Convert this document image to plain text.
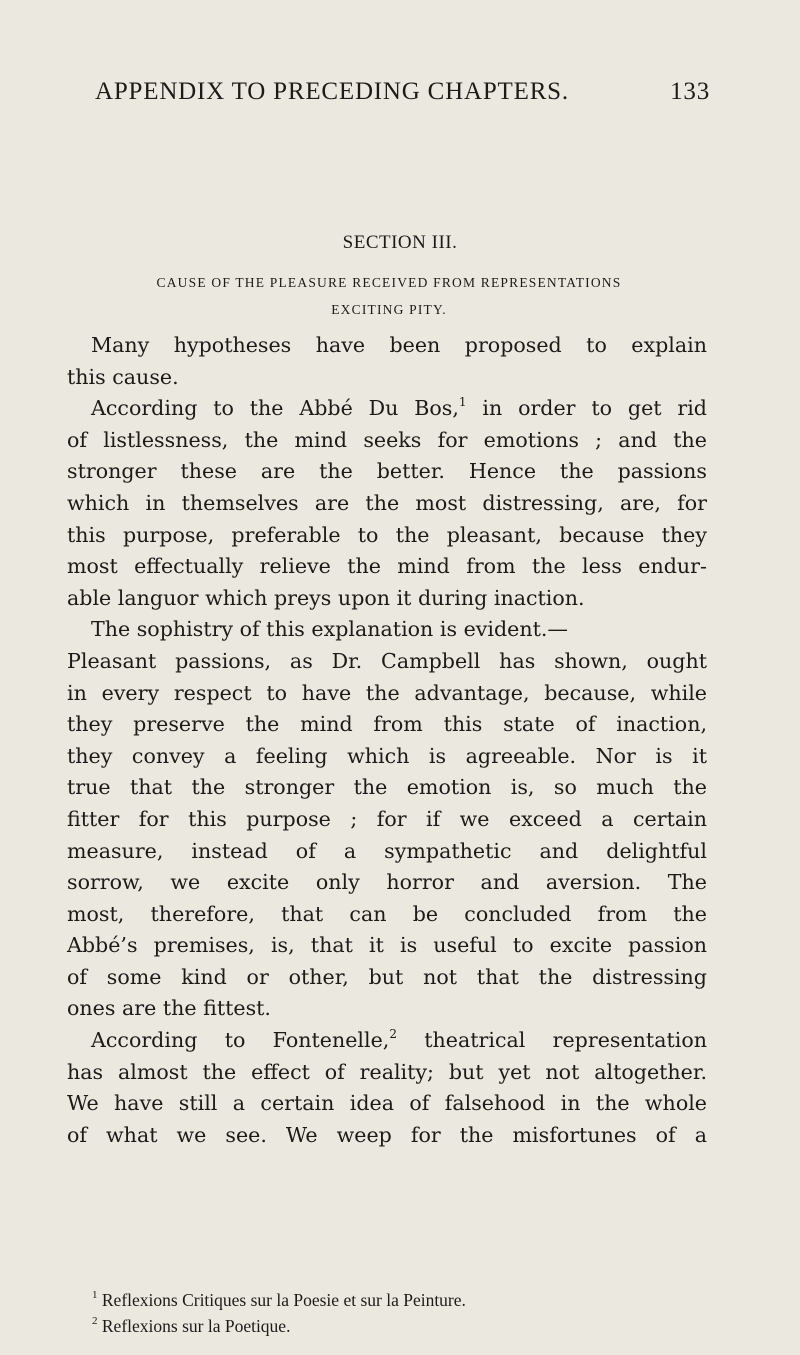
APPENDIX TO PRECEDING CHAPTERS.	133
SECTION III.
CAUSE OF THE PLEASURE RECEIVED FROM REPRESENTATIONS
EXCITING PITY.
Many hypotheses have been proposed to explain
this cause.
According to the Abbé Du Bos,$^1$ in order to get rid
of listlessness, the mind seeks for emotions ; and the
stronger these are the better. Hence the passions
which in themselves are the most distressing, are, for
this purpose, preferable to the pleasant, because they
most effectually relieve the mind from the less endur-
able languor which preys upon it during inaction.
The sophistry of this explanation is evident.—
Pleasant passions, as Dr. Campbell has shown, ought
in every respect to have the advantage, because, while
they preserve the mind from this state of inaction,
they convey a feeling which is agreeable. Nor is it
true that the stronger the emotion is, so much the
fitter for this purpose ; for if we exceed a certain
measure, instead of a sympathetic and delightful
sorrow, we excite only horror and aversion. The
most, therefore, that can be concluded from the
Abbé’s premises, is, that it is useful to excite passion
of some kind or other, but not that the distressing
ones are the fittest.
According to Fontenelle,$^2$ theatrical representation
has almost the effect of reality; but yet not altogether.
We have still a certain idea of falsehood in the whole
of what we see. We weep for the misfortunes of a
$^1$ Reflexions Critiques sur la Poesie et sur la Peinture.
$^2$ Reflexions sur la Poetique.
